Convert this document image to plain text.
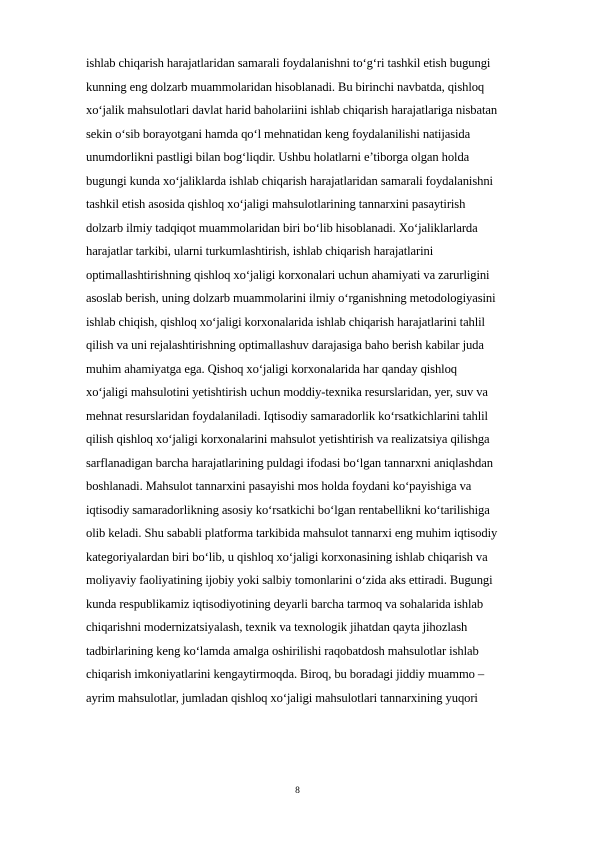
ishlab chiqarish harajatlaridan samarali foydalanishni to‘g‘ri tashkil etish bugungi
kunning eng dolzarb muammolaridan hisoblanadi. Bu birinchi navbatda, qishloq
xo‘jalik mahsulotlari davlat harid baholariini ishlab chiqarish harajatlariga nisbatan
sekin o‘sib borayotgani hamda qo‘l mehnatidan keng foydalanilishi natijasida
unumdorlikni pastligi bilan bog‘liqdir. Ushbu holatlarni e’tiborga olgan holda
bugungi kunda xo‘jaliklarda ishlab chiqarish harajatlaridan samarali foydalanishni
tashkil etish asosida qishloq xo‘jaligi mahsulotlarining tannarxini pasaytirish
dolzarb ilmiy tadqiqot muammolaridan biri bo‘lib hisoblanadi. Xo‘jaliklarlarda
harajatlar tarkibi, ularni turkumlashtirish, ishlab chiqarish harajatlarini
optimallashtirishning qishloq xo‘jaligi korxonalari uchun ahamiyati va zarurligini
asoslab berish, uning dolzarb muammolarini ilmiy o‘rganishning metodologiyasini
ishlab chiqish, qishloq xo‘jaligi korxonalarida ishlab chiqarish harajatlarini tahlil
qilish va uni rejalashtirishning optimallashuv darajasiga baho berish kabilar juda
muhim ahamiyatga ega. Qishoq xo‘jaligi korxonalarida har qanday qishloq
xo‘jaligi mahsulotini yetishtirish uchun moddiy-texnika resurslaridan, yer, suv va
mehnat resurslaridan foydalaniladi. Iqtisodiy samaradorlik ko‘rsatkichlarini tahlil
qilish qishloq xo‘jaligi korxonalarini mahsulot yetishtirish va realizatsiya qilishga
sarflanadigan barcha harajatlarining puldagi ifodasi bo‘lgan tannarxni aniqlashdan
boshlanadi. Mahsulot tannarxini pasayishi mos holda foydani ko‘payishiga va
iqtisodiy samaradorlikning asosiy ko‘rsatkichi bo‘lgan rentabellikni ko‘tarilishiga
olib keladi. Shu sababli platforma tarkibida mahsulot tannarxi eng muhim iqtisodiy
kategoriyalardan biri bo‘lib, u qishloq xo‘jaligi korxonasining ishlab chiqarish va
moliyaviy faoliyatining ijobiy yoki salbiy tomonlarini o‘zida aks ettiradi. Bugungi
kunda respublikamiz iqtisodiyotining deyarli barcha tarmoq va sohalarida ishlab
chiqarishni modernizatsiyalash, texnik va texnologik jihatdan qayta jihozlash
tadbirlarining keng ko‘lamda amalga oshirilishi raqobatdosh mahsulotlar ishlab
chiqarish imkoniyatlarini kengaytirmoqda. Biroq, bu boradagi jiddiy muammo –
ayrim mahsulotlar, jumladan qishloq xo‘jaligi mahsulotlari tannarxining yuqori
8
